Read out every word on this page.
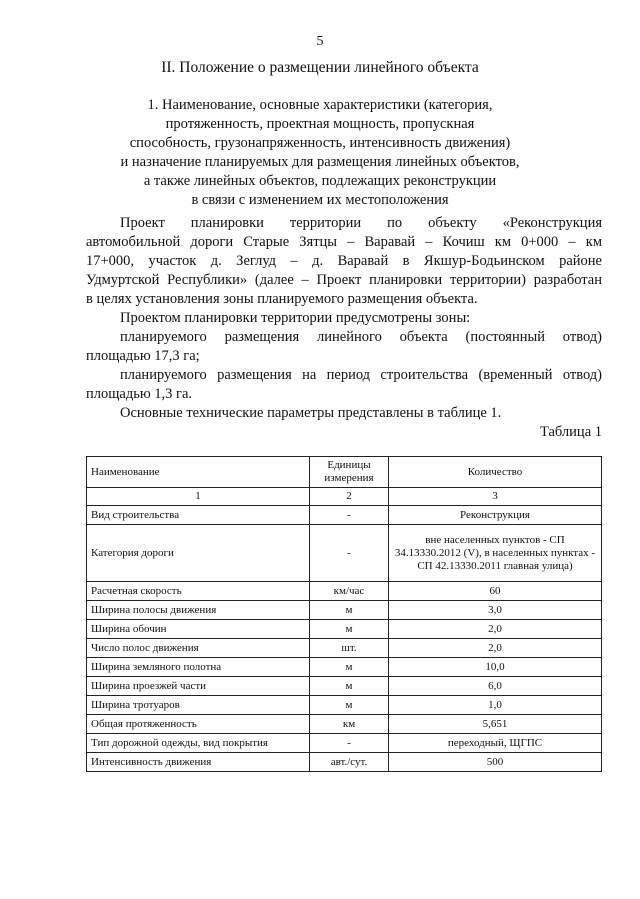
5
II. Положение о размещении линейного объекта
1. Наименование, основные характеристики (категория,
протяженность, проектная мощность, пропускная
способность, грузонапряженность, интенсивность движения)
и назначение планируемых для размещения линейных объектов,
а также линейных объектов, подлежащих реконструкции
в связи с изменением их местоположения

Проект планировки территории по объекту «Реконструкция
автомобильной дороги Старые Зятцы – Варавай – Кочиш км 0+000 – км
17+000, участок д. Зеглуд – д. Варавай в Якшур-Бодьинском районе
Удмуртской Республики» (далее – Проект планировки территории) разработан
в целях установления зоны планируемого размещения объекта.

Проектом планировки территории предусмотрены зоны:

планируемого размещения линейного объекта (постоянный отвод)
площадью 17,3 га;

планируемого размещения на период строительства (временный отвод)
площадью 1,3 га.

Основные технические параметры представлены в таблице 1.

Таблица 1
Наименование	Единицы измерения	Количество
1	2	3
Вид строительства	-	Реконструкция
Категория дороги	-	вне населенных пунктов - СП 34.13330.2012 (V), в населенных пунктах - СП 42.13330.2011 главная улица)
Расчетная скорость	км/час	60
Ширина полосы движения	м	3,0
Ширина обочин	м	2,0
Число полос движения	шт.	2,0
Ширина земляного полотна	м	10,0
Ширина проезжей части	м	6,0
Ширина тротуаров	м	1,0
Общая протяженность	км	5,651
Тип дорожной одежды, вид покрытия	-	переходный, ЩГПС
Интенсивность движения	авт./сут.	500
